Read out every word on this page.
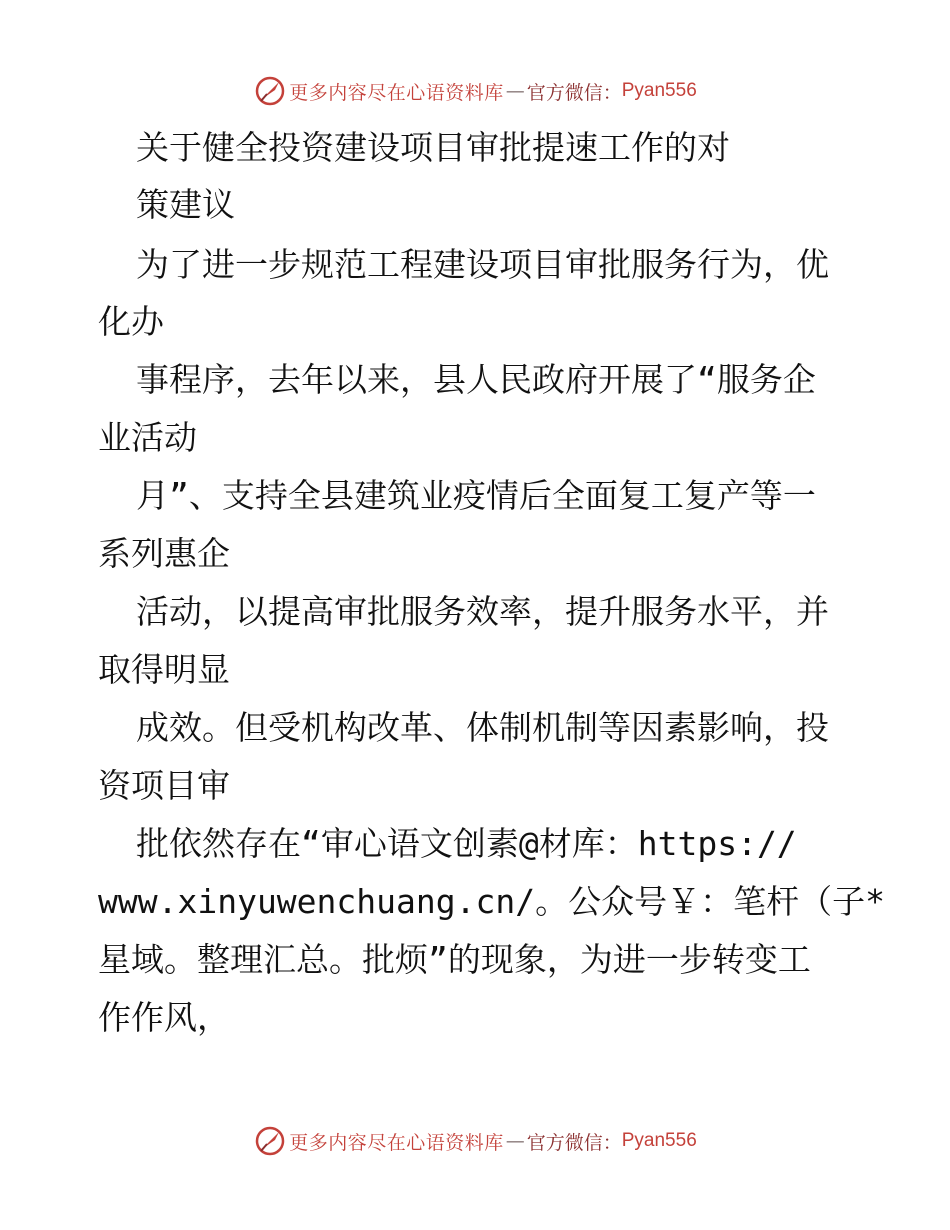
更多内容尽在心语资料库 — 官方微信： Pyan556
关于健全投资建设项目审批提速工作的对
策建议
为了进一步规范工程建设项目审批服务行为，优
化办
事程序，去年以来，县人民政府开展了“服务企
业活动
月”、支持全县建筑业疫情后全面复工复产等一
系列惠企
活动，以提高审批服务效率，提升服务水平，并
取得明显
成效。但受机构改革、体制机制等因素影响，投
资项目审
批依然存在“审心语文创素@材库：https://
www.xinyuwenchuang.cn/。公众号￥：笔杆（子*
星域。整理汇总。批烦”的现象，为进一步转变工
作作风，
更多内容尽在心语资料库 — 官方微信： Pyan556
